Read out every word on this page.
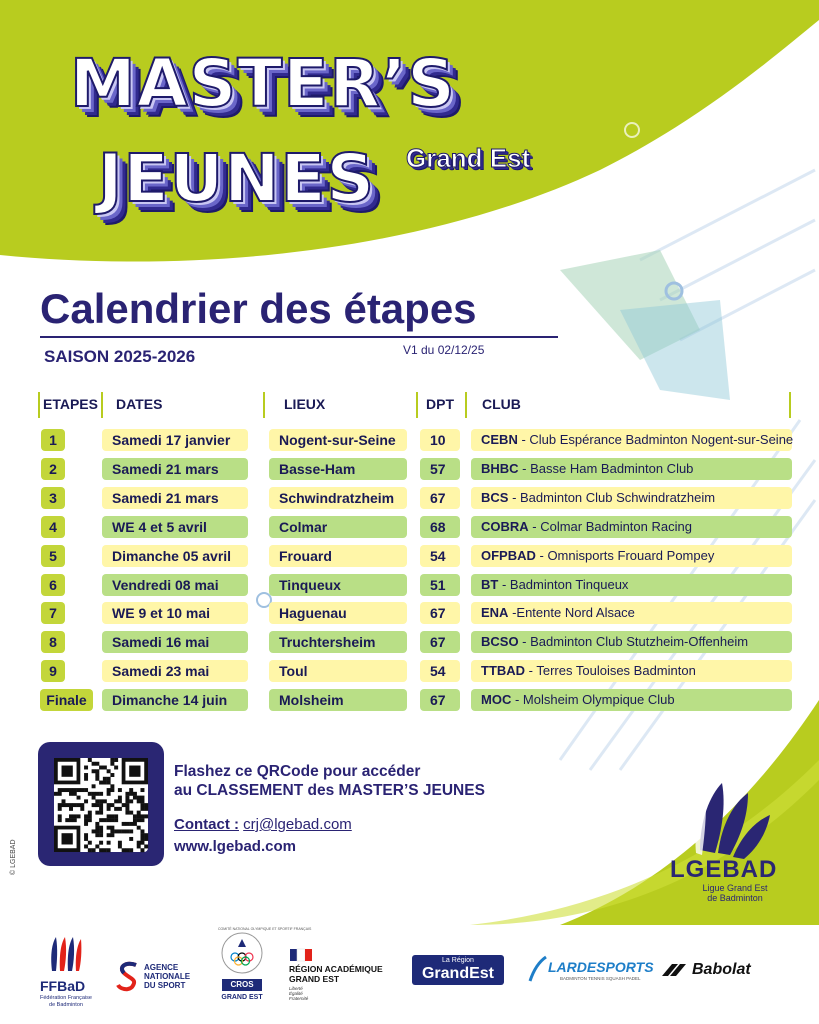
MASTER’S
JEUNES Grand Est
Calendrier des étapes
SAISON 2025-2026	V1 du 02/12/25
ETAPES DATES	LIEUX	DPT CLUB
1	Samedi 17 janvier	Nogent-sur-Seine	10	CEBN - Club Espérance Badminton Nogent-sur-Seine
2	Samedi 21 mars	Basse-Ham	57	BHBC - Basse Ham Badminton Club
3	Samedi 21 mars	Schwindratzheim	67	BCS - Badminton Club Schwindratzheim
4	WE 4 et 5 avril	Colmar	68	COBRA - Colmar Badminton Racing
5	Dimanche 05 avril	Frouard	54	OFPBAD - Omnisports Frouard Pompey
6	Vendredi 08 mai	Tinqueux	51	BT - Badminton Tinqueux
7	WE 9 et 10 mai	Haguenau	67	ENA -Entente Nord Alsace
8	Samedi 16 mai	Truchtersheim	67	BCSO - Badminton Club Stutzheim-Offenheim
9	Samedi 23 mai	Toul	54	TTBAD - Terres Touloises Badminton
Finale	Dimanche 14 juin	Molsheim	67	MOC - Molsheim Olympique Club
Flashez ce QRCode pour accéder
au CLASSEMENT des MASTER’S JEUNES
Contact : crj@lgebad.com
www.lgebad.com
© LGEBAD	LGEBAD
Ligue Grand Est
de Badminton
FFBaD
Fédération Française
de Badminton
AGENCE
NATIONALE
DU SPORT
COMITÉ NATIONAL OLYMPIQUE ET SPORTIF FRANÇAIS
CROS
GRAND EST
RÉGION ACADÉMIQUE
GRAND EST
Liberté
Égalité
Fraternité
La Région
GrandEst	LARDESPORTS
BADMINTON TENNIS SQUASH PADEL
Babolat
